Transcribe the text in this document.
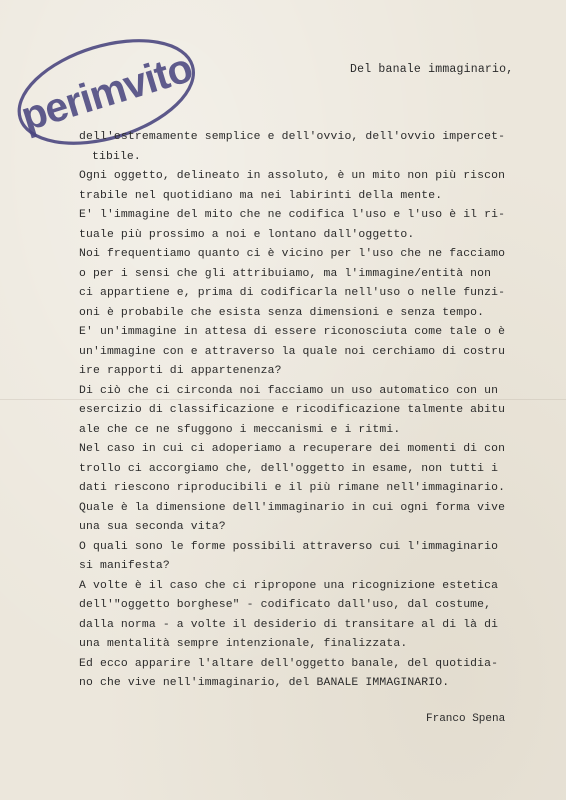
perimvito	Del banale immaginario,
dell'estremamente semplice e dell'ovvio, dell'ovvio impercet-
tibile.
Ogni oggetto, delineato in assoluto, è un mito non più riscon
trabile nel quotidiano ma nei labirinti della mente.
E' l'immagine del mito che ne codifica l'uso e l'uso è il ri-
tuale più prossimo a noi e lontano dall'oggetto.
Noi frequentiamo quanto ci è vicino per l'uso che ne facciamo
o per i sensi che gli attribuiamo, ma l'immagine/entità non
ci appartiene e, prima di codificarla nell'uso o nelle funzi-
oni è probabile che esista senza dimensioni e senza tempo.
E' un'immagine in attesa di essere riconosciuta come tale o è
un'immagine con e attraverso la quale noi cerchiamo di costru
ire rapporti di appartenenza?
Di ciò che ci circonda noi facciamo un uso automatico con un
esercizio di classificazione e ricodificazione talmente abitu
ale che ce ne sfuggono i meccanismi e i ritmi.
Nel caso in cui ci adoperiamo a recuperare dei momenti di con
trollo ci accorgiamo che, dell'oggetto in esame, non tutti i
dati riescono riproducibili e il più rimane nell'immaginario.
Quale è la dimensione dell'immaginario in cui ogni forma vive
una sua seconda vita?
O quali sono le forme possibili attraverso cui l'immaginario
si manifesta?
A volte è il caso che ci ripropone una ricognizione estetica
dell'"oggetto borghese" - codificato dall'uso, dal costume,
dalla norma - a volte il desiderio di transitare al di là di
una mentalità sempre intenzionale, finalizzata.
Ed ecco apparire l'altare dell'oggetto banale, del quotidia-
no che vive nell'immaginario, del BANALE IMMAGINARIO.
Franco Spena
